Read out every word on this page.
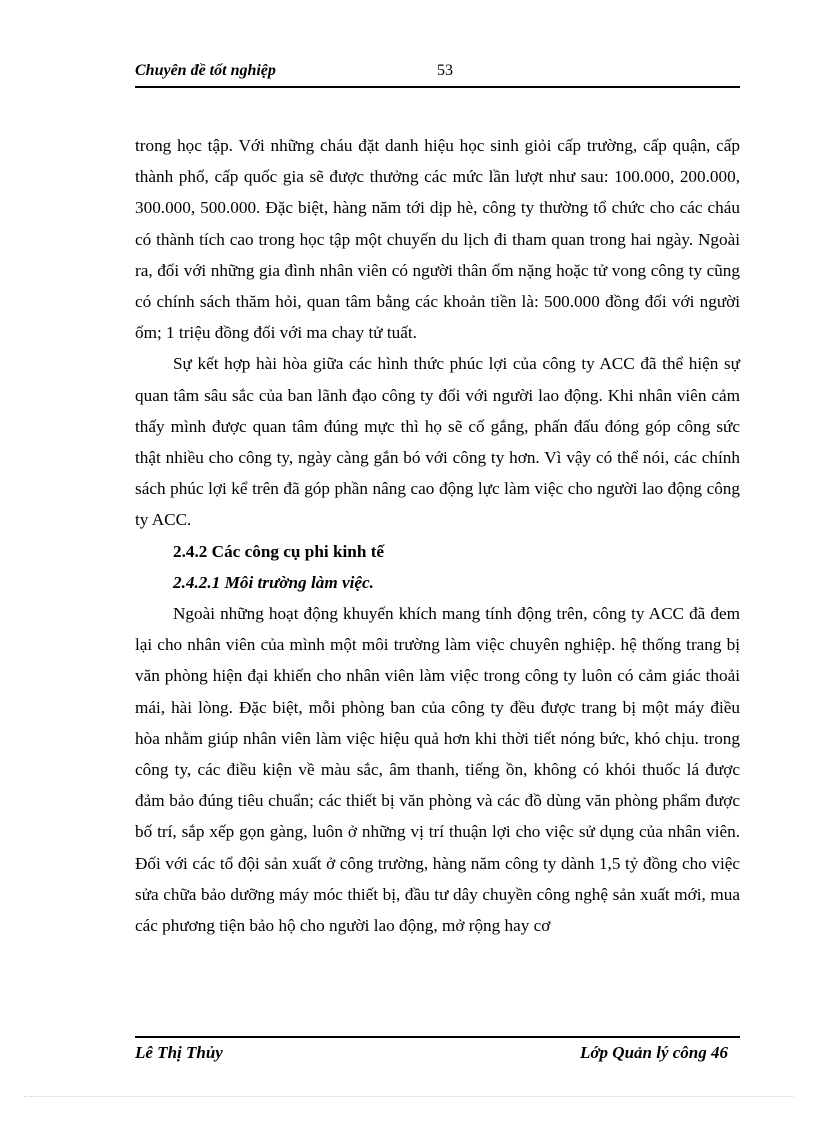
Chuyên đề tốt nghiệp	53

trong học tập. Với những cháu đặt danh hiệu học sinh giỏi cấp trường, cấp quận, cấp thành phố, cấp quốc gia sẽ được thưởng các mức lần lượt như sau: 100.000, 200.000, 300.000, 500.000. Đặc biệt, hàng năm tới dịp hè, công ty thường tổ chức cho các cháu có thành tích cao trong học tập một chuyến du lịch đi tham quan trong hai ngày. Ngoài ra, đối với những gia đình nhân viên có người thân ốm nặng hoặc tử vong công ty cũng có chính sách thăm hỏi, quan tâm bằng các khoản tiền là: 500.000 đồng đối với người ốm; 1 triệu đồng đối với ma chay tử tuất.

Sự kết hợp hài hòa giữa các hình thức phúc lợi của công ty ACC đã thể hiện sự quan tâm sâu sắc của ban lãnh đạo công ty đối với người lao động. Khi nhân viên cảm thấy mình được quan tâm đúng mực thì họ sẽ cố gắng, phấn đấu đóng góp công sức thật nhiều cho công ty, ngày càng gắn bó với công ty hơn. Vì vậy có thể nói, các chính sách phúc lợi kể trên đã góp phần nâng cao động lực làm việc cho người lao động công ty ACC.

2.4.2 Các công cụ phi kinh tế
2.4.2.1 Môi trường làm việc.

Ngoài những hoạt động khuyến khích mang tính động trên, công ty ACC đã đem lại cho nhân viên của mình một môi trường làm việc chuyên nghiệp. hệ thống trang bị văn phòng hiện đại khiến cho nhân viên làm việc trong công ty luôn có cảm giác thoải mái, hài lòng. Đặc biệt, mỗi phòng ban của công ty đều được trang bị một máy điều hòa nhằm giúp nhân viên làm việc hiệu quả hơn khi thời tiết nóng bức, khó chịu. trong công ty, các điều kiện về màu sắc, âm thanh, tiếng ồn, không có khói thuốc lá được đảm bảo đúng tiêu chuẩn; các thiết bị văn phòng và các đồ dùng văn phòng phẩm được bố trí, sắp xếp gọn gàng, luôn ở những vị trí thuận lợi cho việc sử dụng của nhân viên. Đối với các tổ đội sản xuất ở công trường, hàng năm công ty dành 1,5 tỷ đồng cho việc sửa chữa bảo dưỡng máy móc thiết bị, đầu tư dây chuyền công nghệ sản xuất mới, mua các phương tiện bảo hộ cho người lao động, mở rộng hay cơ

Lê Thị Thủy	Lớp Quản lý công 46
